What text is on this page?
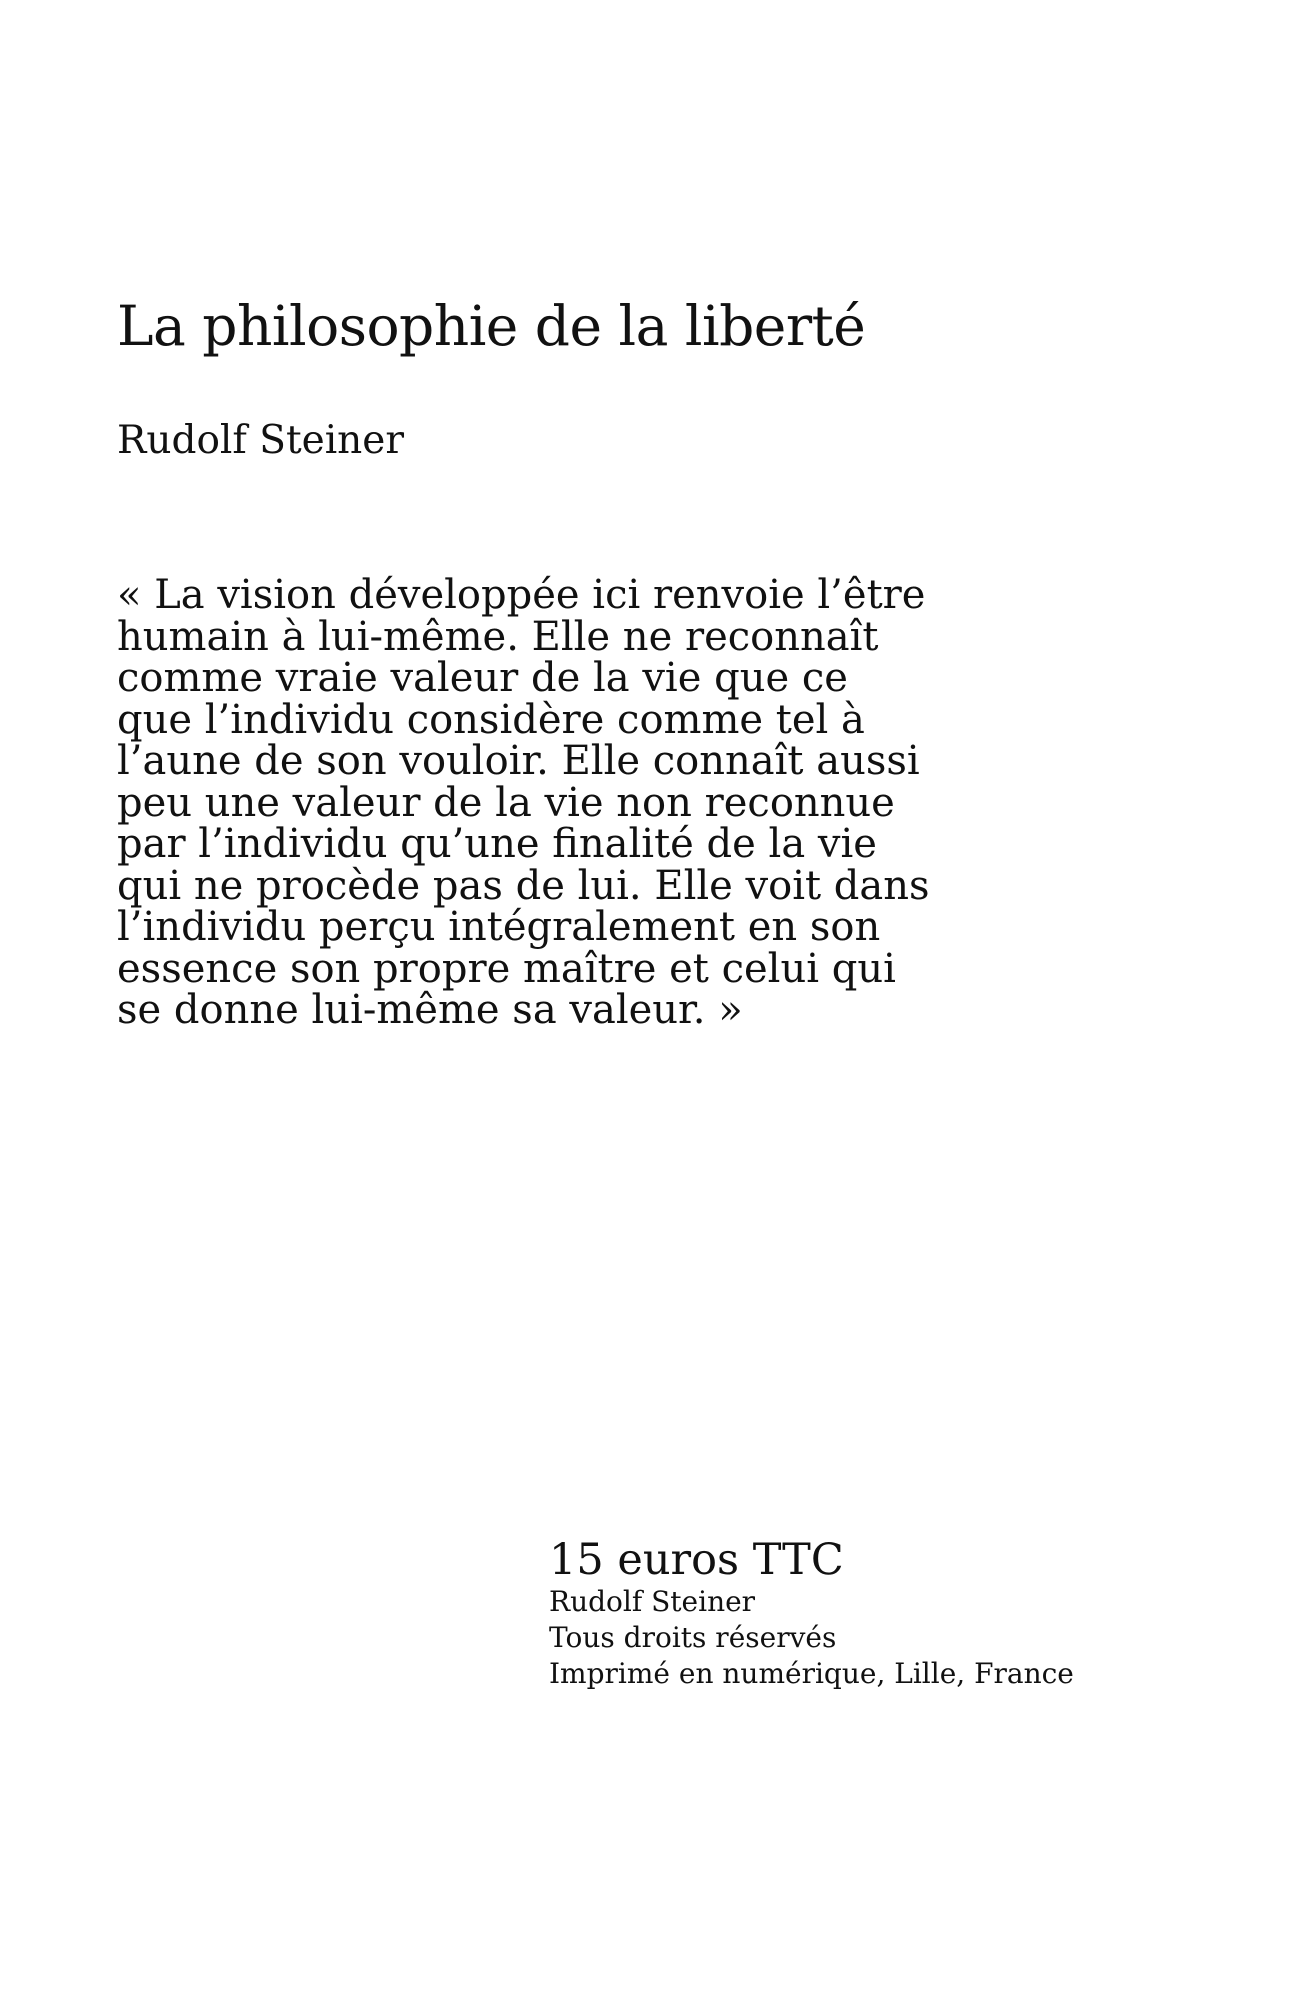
La philosophie de la liberté

Rudolf Steiner

« La vision développée ici renvoie l’être
humain à lui-même. Elle ne reconnaît
comme vraie valeur de la vie que ce
que l’individu considère comme tel à
l’aune de son vouloir. Elle connaît aussi
peu une valeur de la vie non reconnue
par l’individu qu’une finalité de la vie
qui ne procède pas de lui. Elle voit dans
l’individu perçu intégralement en son
essence son propre maître et celui qui
se donne lui-même sa valeur. »

15 euros TTC

Rudolf Steiner

Tous droits réservés

Imprimé en numérique, Lille, France
